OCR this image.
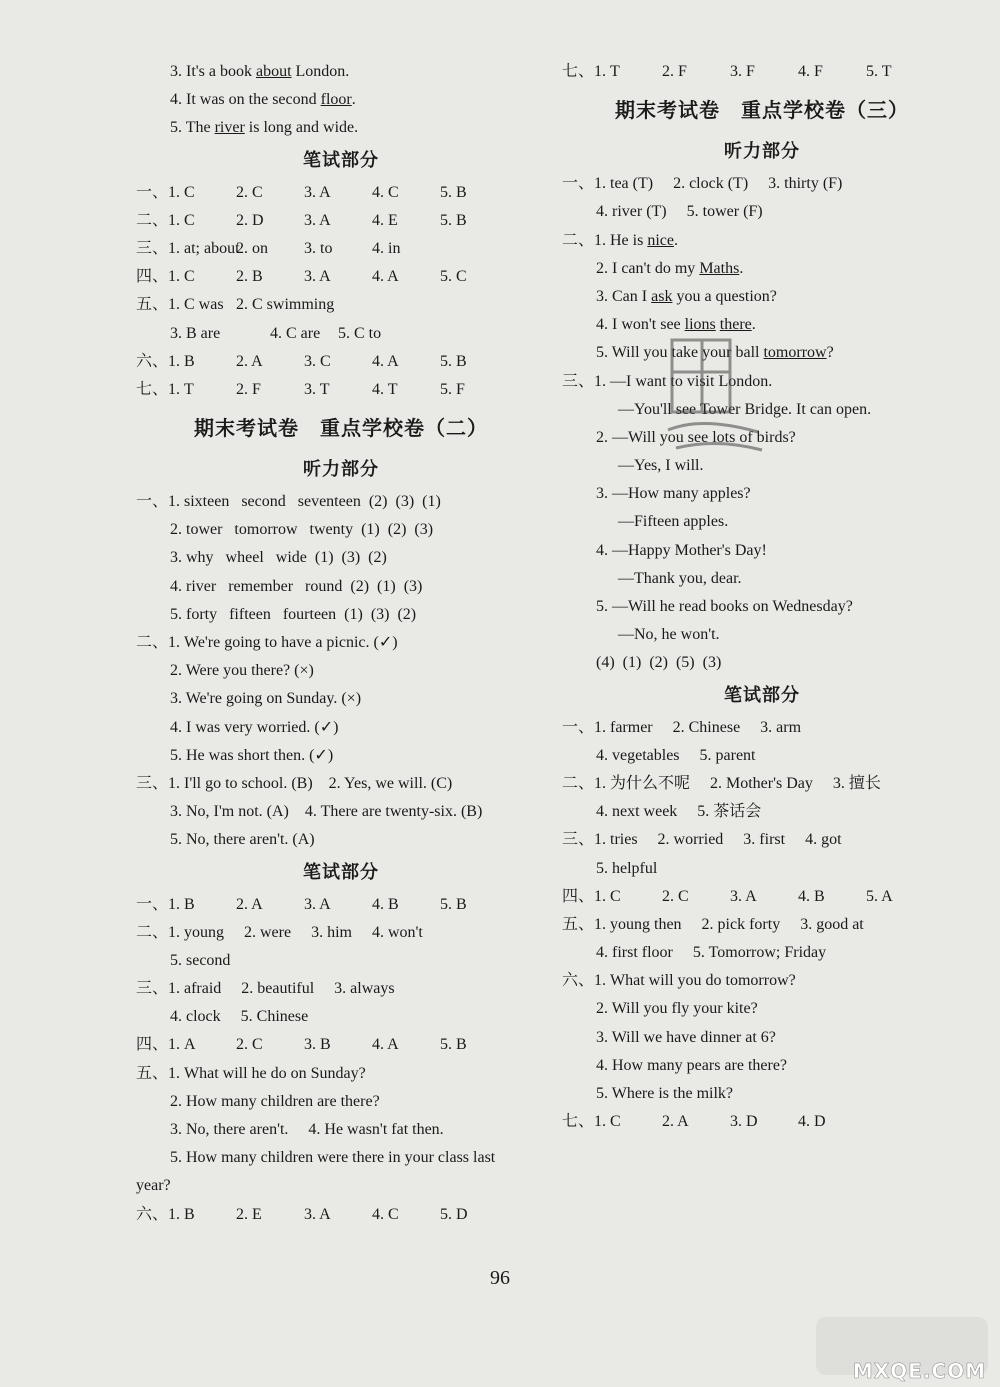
3. It's a book about London.
4. It was on the second floor.
5. The river is long and wide.
笔试部分
一、1. C	2. C	3. A	4. C	5. B
二、1. C	2. D	3. A	4. E	5. B
三、1. at; about
2. on 3. to 4. in
四、1. C	2. B	3. A	4. A	5. C
五、1. C was 2. C swimming
3. B are	4. C are 5. C to
六、1. B	2. A	3. C	4. A	5. B
七、1. T	2. F	3. T	4. T	5. F
期末考试卷　重点学校卷（二）
听力部分
一、1. sixteen   second   seventeen  (2)  (3)  (1)
2. tower   tomorrow   twenty  (1)  (2)  (3)
3. why   wheel   wide  (1)  (3)  (2)
4. river   remember   round  (2)  (1)  (3)
5. forty   fifteen   fourteen  (1)  (3)  (2)
二、1. We're going to have a picnic. (✓)
2. Were you there? (×)
3. We're going on Sunday. (×)
4. I was very worried. (✓)
5. He was short then. (✓)
三、1. I'll go to school. (B)    2. Yes, we will. (C)
3. No, I'm not. (A)    4. There are twenty-six. (B)
5. No, there aren't. (A)
笔试部分
一、1. B	2. A	3. A	4. B	5. B
二、1. young     2. were     3. him     4. won't
5. second
三、1. afraid     2. beautiful     3. always
4. clock     5. Chinese
四、1. A	2. C	3. B	4. A	5. B
五、1. What will he do on Sunday?
2. How many children are there?
3. No, there aren't.     4. He wasn't fat then.
5. How many children were there in your class last
year?
六、1. B	2. E	3. A	4. C	5. D
七、1. T	2. F	3. F	4. F	5. T
期末考试卷　重点学校卷（三）
听力部分
一、1. tea (T)     2. clock (T)     3. thirty (F)
4. river (T)     5. tower (F)
二、1. He is nice.
2. I can't do my Maths.
3. Can I ask you a question?
4. I won't see lions there.
5. Will you take your ball tomorrow?
三、1. —I want to visit London.
—You'll see Tower Bridge. It can open.
2. —Will you see lots of birds?
—Yes, I will.
3. —How many apples?
—Fifteen apples.
4. —Happy Mother's Day!
—Thank you, dear.
5. —Will he read books on Wednesday?
—No, he won't.
(4)  (1)  (2)  (5)  (3)
笔试部分
一、1. farmer     2. Chinese     3. arm
4. vegetables     5. parent
二、1. 为什么不呢     2. Mother's Day     3. 擅长
4. next week     5. 茶话会
三、1. tries     2. worried     3. first     4. got
5. helpful
四、1. C	2. C	3. A	4. B	5. A
五、1. young then     2. pick forty     3. good at
4. first floor     5. Tomorrow; Friday
六、1. What will you do tomorrow?
2. Will you fly your kite?
3. Will we have dinner at 6?
4. How many pears are there?
5. Where is the milk?
七、1. C	2. A	3. D	4. D
96
MXQE.COM
